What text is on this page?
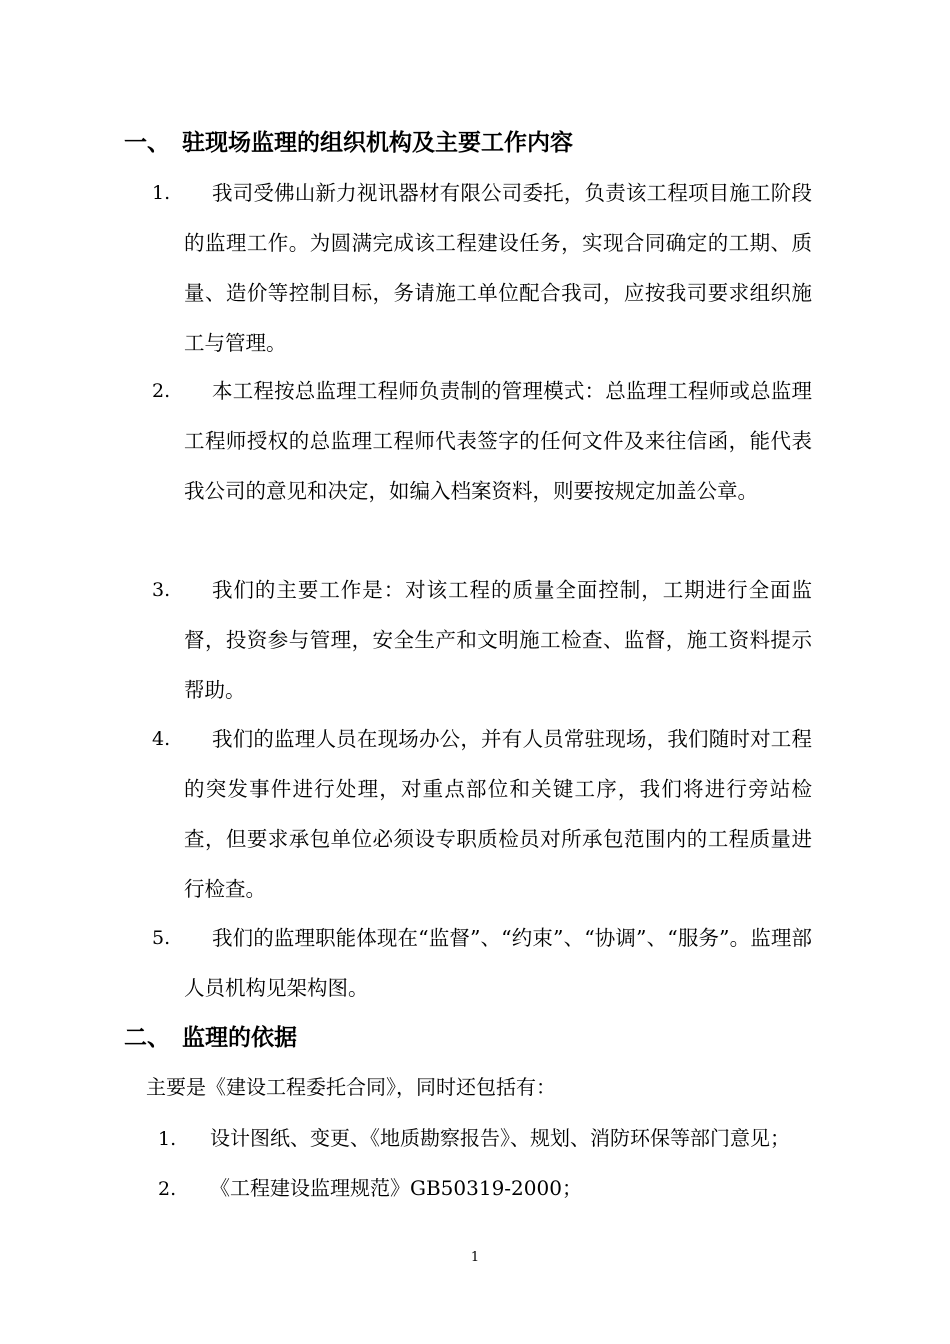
一、 驻现场监理的组织机构及主要工作内容
1.	我司受佛山新力视讯器材有限公司委托，负责该工程项目施工阶段的监理工作。为圆满完成该工程建设任务，实现合同确定的工期、质量、造价等控制目标，务请施工单位配合我司，应按我司要求组织施工与管理。
2.	本工程按总监理工程师负责制的管理模式：总监理工程师或总监理工程师授权的总监理工程师代表签字的任何文件及来往信函，能代表我公司的意见和决定，如编入档案资料，则要按规定加盖公章。
3.	我们的主要工作是：对该工程的质量全面控制，工期进行全面监督，投资参与管理，安全生产和文明施工检查、监督，施工资料提示帮助。
4.	我们的监理人员在现场办公，并有人员常驻现场，我们随时对工程的突发事件进行处理，对重点部位和关键工序，我们将进行旁站检查，但要求承包单位必须设专职质检员对所承包范围内的工程质量进行检查。
5.	我们的监理职能体现在“监督”、“约束”、“协调”、“服务”。监理部人员机构见架构图。
二、 监理的依据
主要是《建设工程委托合同》，同时还包括有：
1. 设计图纸、变更、《地质勘察报告》、规划、消防环保等部门意见；
2. 《工程建设监理规范》GB50319-2000；
1
